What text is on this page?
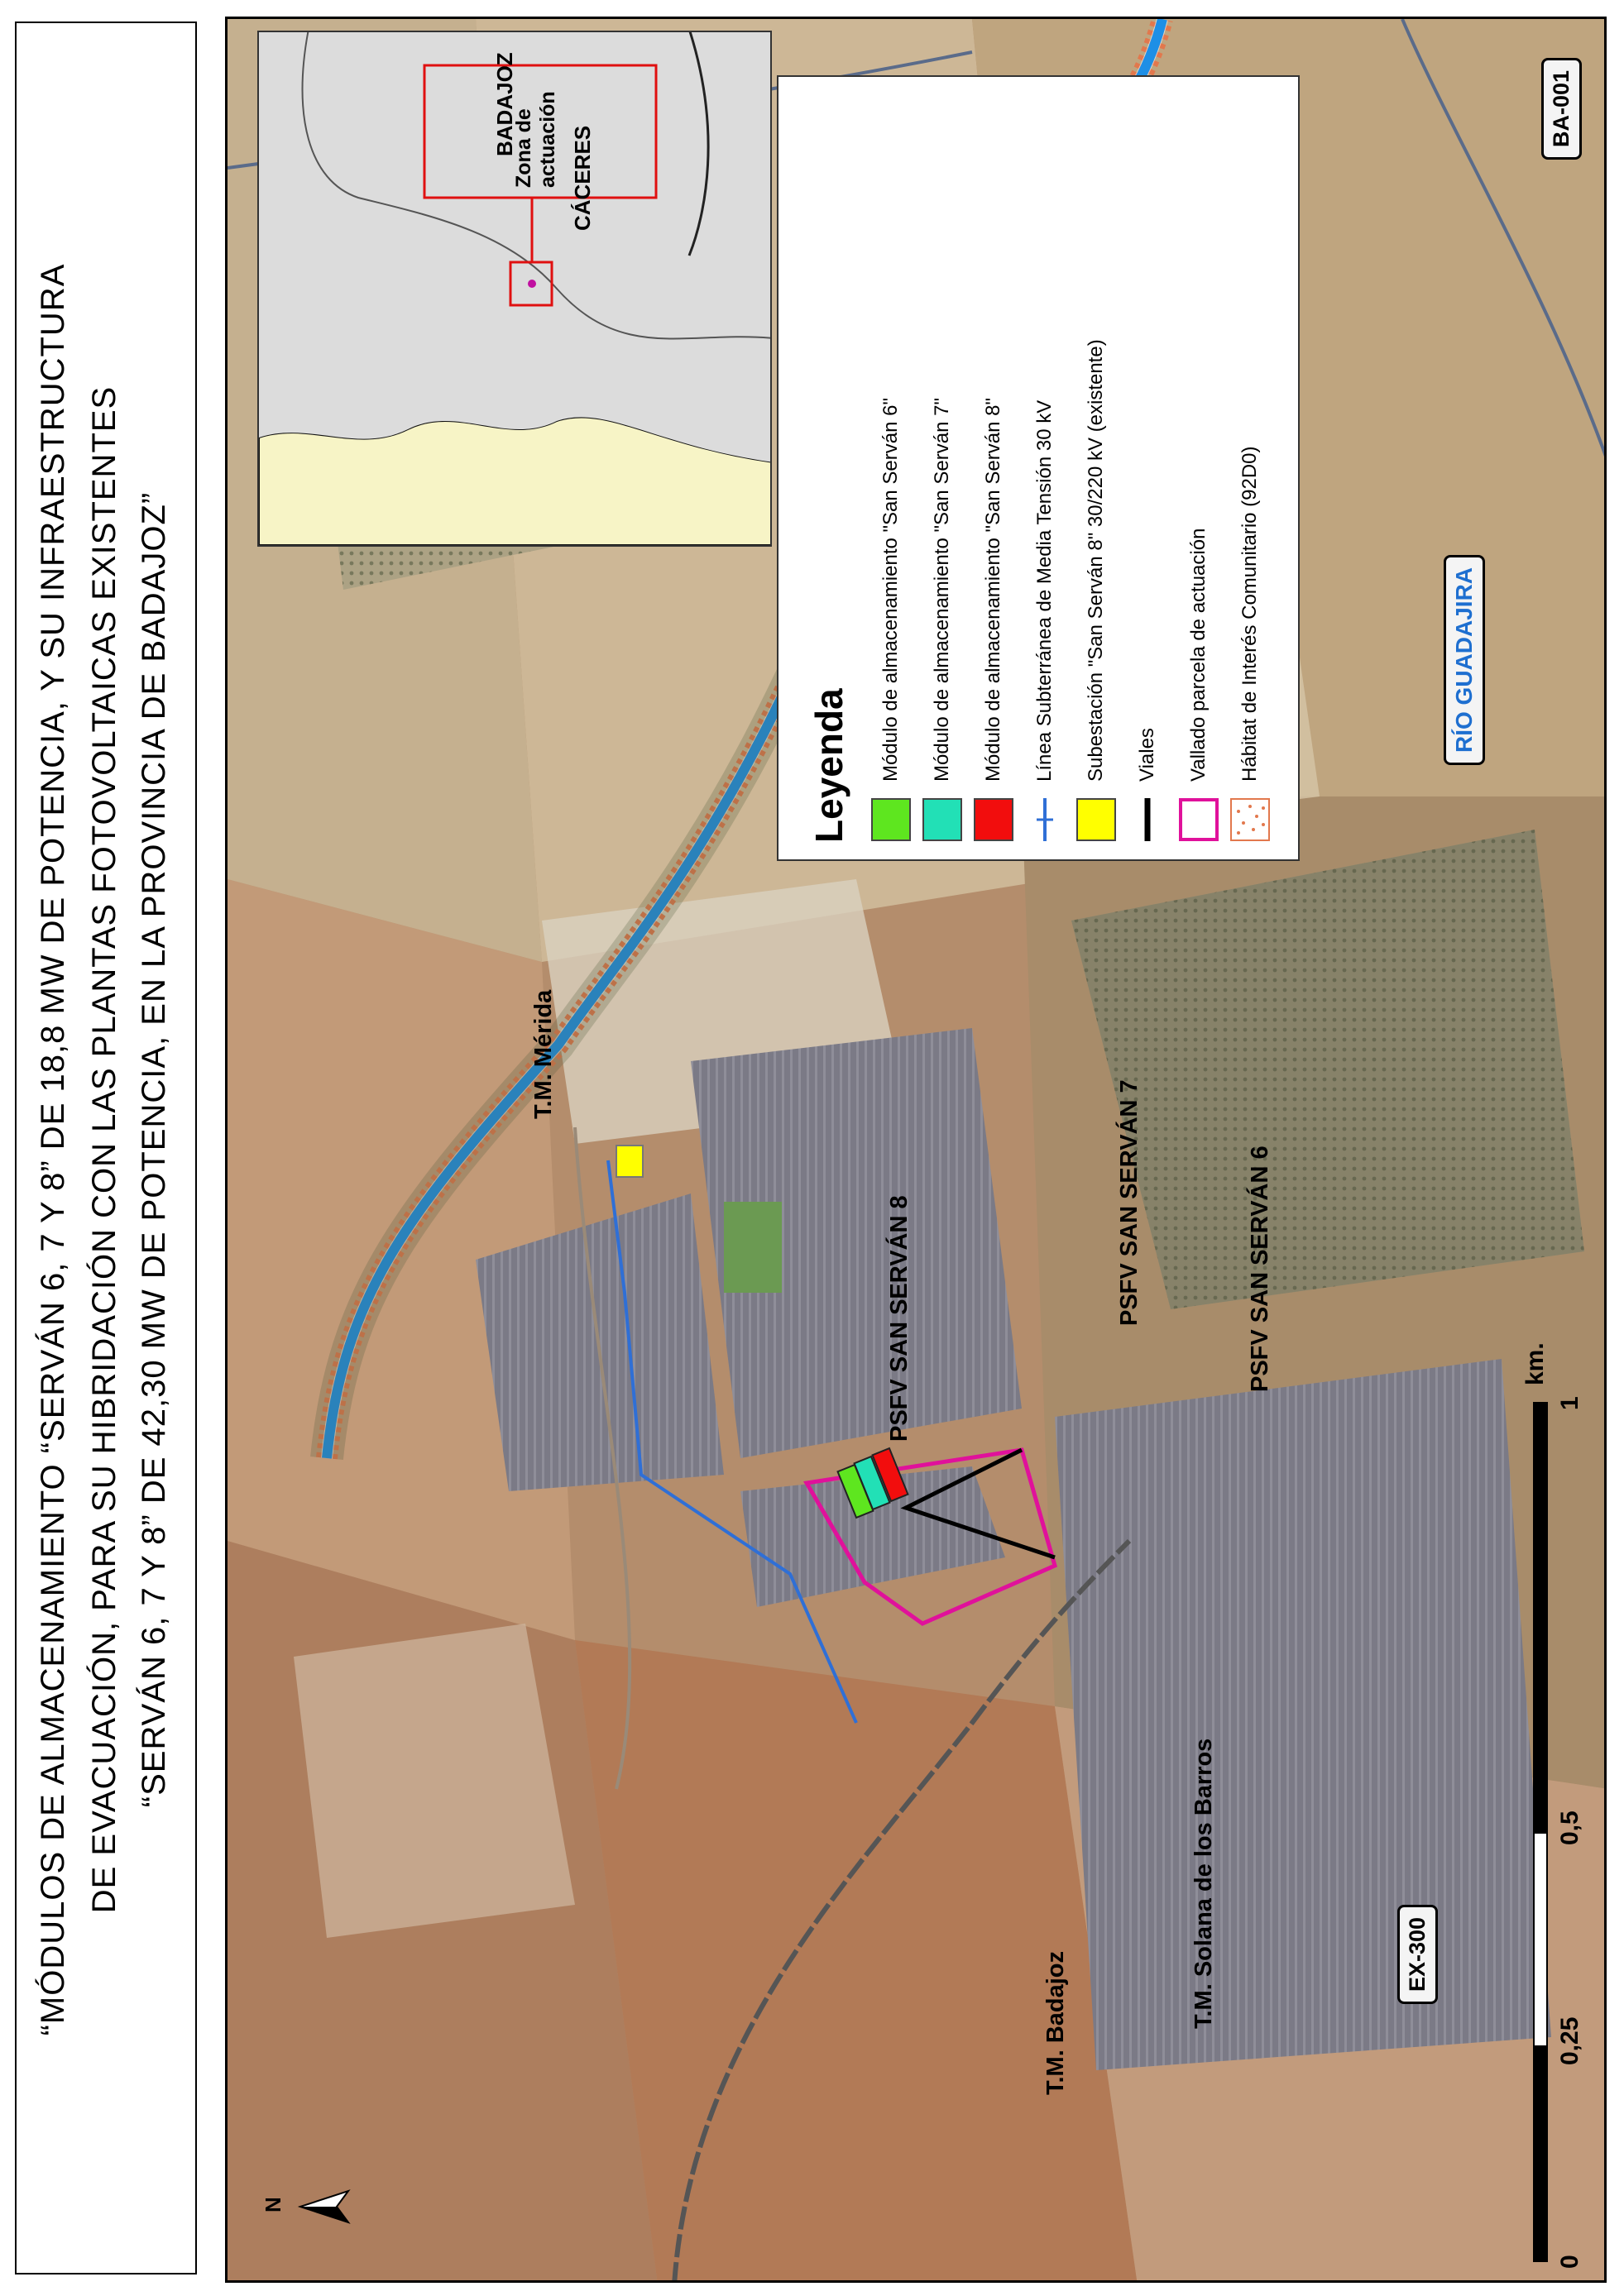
“MÓDULOS DE ALMACENAMIENTO “SERVÁN 6, 7 Y 8” DE 18,8 MW DE POTENCIA, Y SU INFRAESTRUCTURA DE EVACUACIÓN, PARA SU HIBRIDACIÓN CON LAS PLANTAS FOTOVOLTAICAS EXISTENTES “SERVÁN 6, 7 Y 8” DE 42,30 MW DE POTENCIA, EN LA PROVINCIA DE BADAJOZ”	T.M. Mérida
T.M. Badajoz	T.M. Solana de los Barros
PSFV SAN SERVÁN 6
PSFV SAN SERVÁN 7
PSFV SAN SERVÁN 8
RÍO GUADAJIRA
EX-300
BA-001
N
0
0,25
0,5
1
km.
Leyenda Módulo de almacenamiento "San Serván 6" Módulo de almacenamiento "San Serván 7" Módulo de almacenamiento "San Serván 8" Línea Subterránea de Media Tensión 30 kV Subestación "San Serván 8" 30/220 kV (existente) Viales Vallado parcela de actuación Hábitat de Interés Comunitario (92D0)
CÁCERES
BADAJOZ
Zona de actuación
